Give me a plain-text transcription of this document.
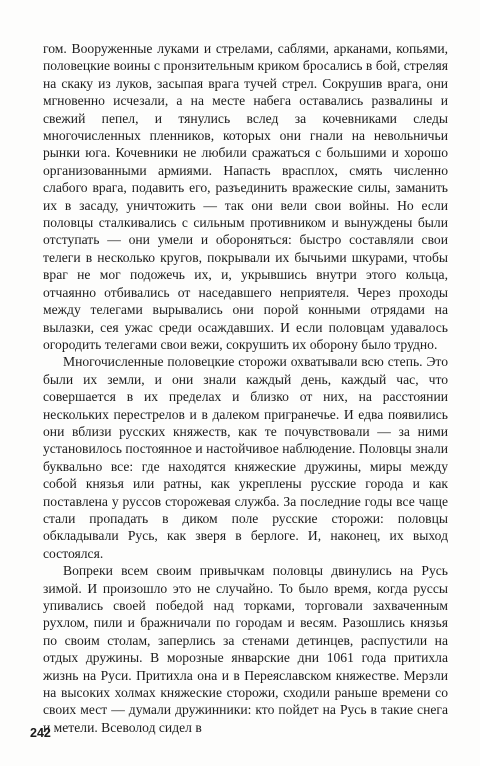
гом. Вооруженные луками и стрелами, саблями, арканами, копьями, половецкие воины с пронзительным криком бросались в бой, стреляя на скаку из луков, засыпая врага тучей стрел. Сокрушив врага, они мгновенно исчезали, а на месте набега оставались развалины и свежий пепел, и тянулись вслед за кочевниками следы многочисленных пленников, которых они гнали на невольничьи рынки юга. Кочевники не любили сражаться с большими и хорошо организованными армиями. Напасть врасплох, смять численно слабого врага, подавить его, разъединить вражеские силы, заманить их в засаду, уничтожить — так они вели свои войны. Но если половцы сталкивались с сильным противником и вынуждены были отступать — они умели и обороняться: быстро составляли свои телеги в несколько кругов, покрывали их бычьими шкурами, чтобы враг не мог подожечь их, и, укрывшись внутри этого кольца, отчаянно отбивались от наседавшего неприятеля. Через проходы между телегами вырывались они порой конными отрядами на вылазки, сея ужас среди осаждавших. И если половцам удавалось огородить телегами свои вежи, сокрушить их оборону было трудно.

Многочисленные половецкие сторожи охватывали всю степь. Это были их земли, и они знали каждый день, каждый час, что совершается в их пределах и близко от них, на расстоянии нескольких перестрелов и в далеком пригранечье. И едва появились они вблизи русских княжеств, как те почувствовали — за ними установилось постоянное и настойчивое наблюдение. Половцы знали буквально все: где находятся княжеские дружины, миры между собой князья или ратны, как укреплены русские города и как поставлена у руссов сторожевая служба. За последние годы все чаще стали пропадать в диком поле русские сторожи: половцы обкладывали Русь, как зверя в берлоге. И, наконец, их выход состоялся.

Вопреки всем своим привычкам половцы двинулись на Русь зимой. И произошло это не случайно. То было время, когда руссы упивались своей победой над торками, торговали захваченным рухлом, пили и бражничали по городам и весям. Разошлись князья по своим столам, заперлись за стенами детинцев, распустили на отдых дружины. В морозные январские дни 1061 года притихла жизнь на Руси. Притихла она и в Переяславском княжестве. Мерзли на высоких холмах княжеские сторожи, сходили раньше времени со своих мест — думали дружинники: кто пойдет на Русь в такие снега и метели. Всеволод сидел в

242
